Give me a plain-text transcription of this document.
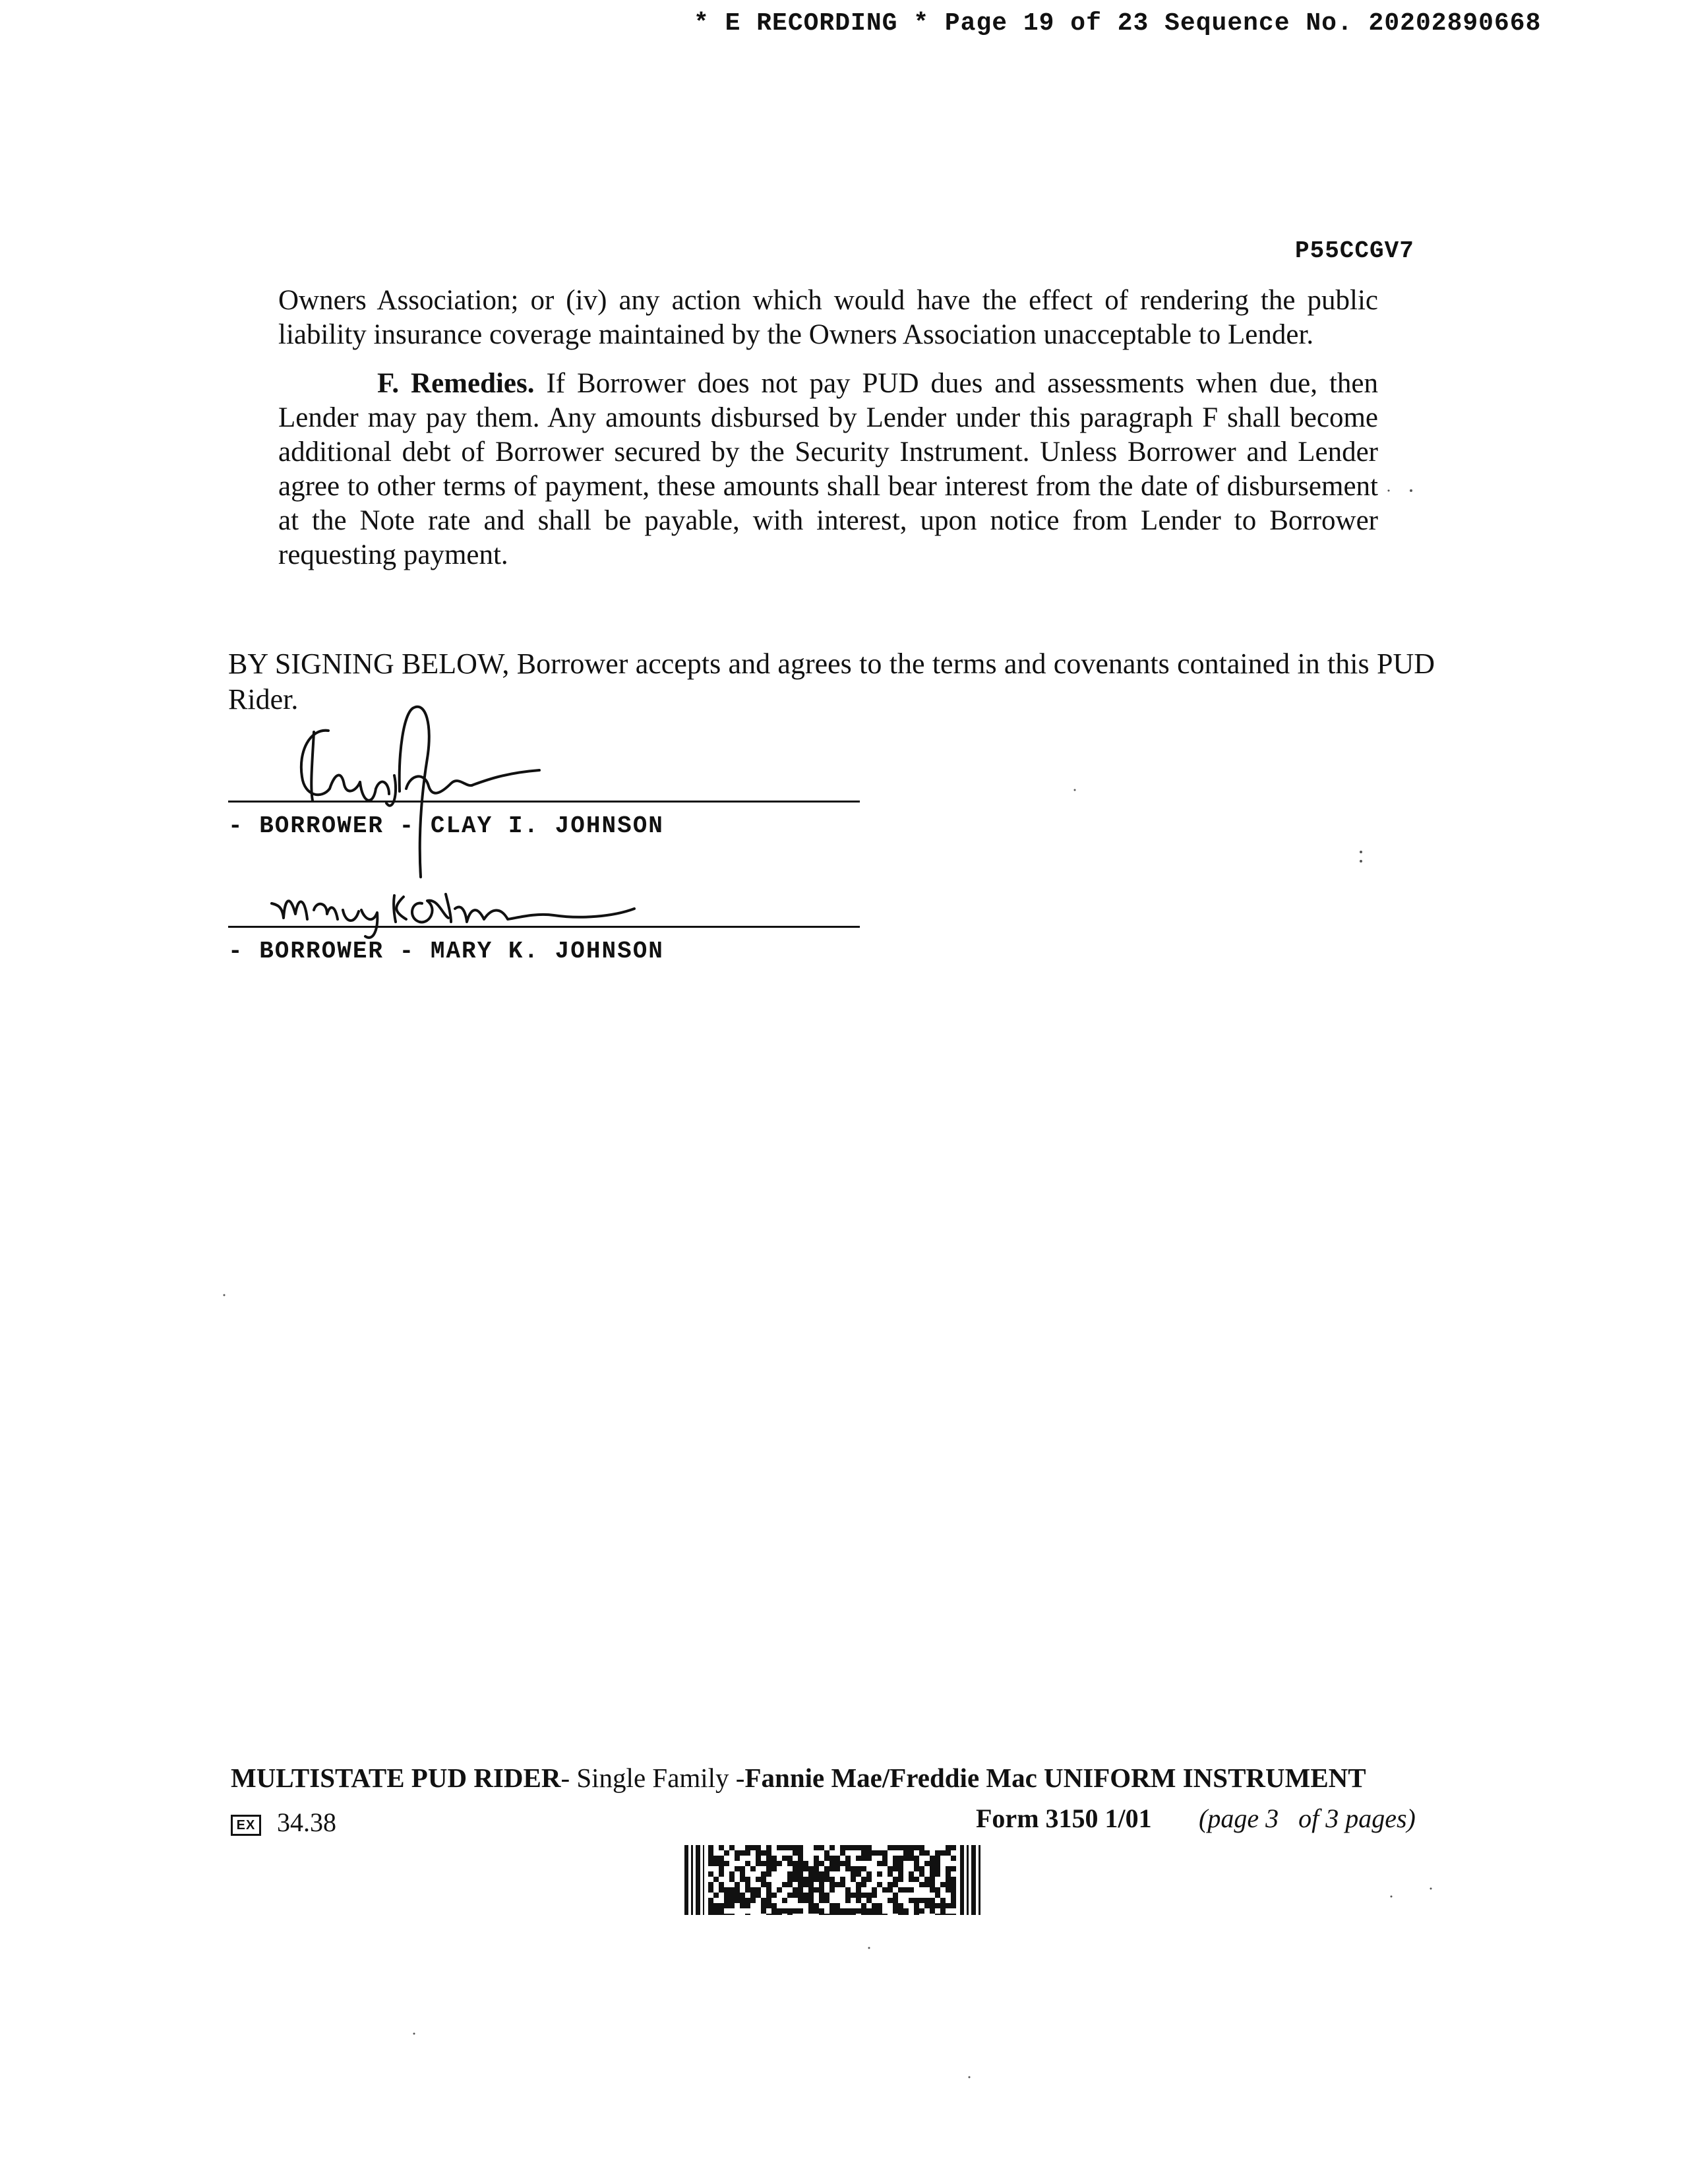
* E RECORDING * Page 19 of 23 Sequence No. 20202890668
P55CCGV7
Owners Association; or (iv) any action which would have the effect of rendering the public liability insurance coverage maintained by the Owners Association unacceptable to Lender.
F. Remedies. If Borrower does not pay PUD dues and assessments when due, then Lender may pay them. Any amounts disbursed by Lender under this paragraph F shall become additional debt of Borrower secured by the Security Instrument. Unless Borrower and Lender agree to other terms of payment, these amounts shall bear interest from the date of disbursement at the Note rate and shall be payable, with interest, upon notice from Lender to Borrower requesting payment.
BY SIGNING BELOW, Borrower accepts and agrees to the terms and covenants contained in this PUD Rider.
- BORROWER - CLAY I. JOHNSON
- BORROWER - MARY K. JOHNSON
MULTISTATE PUD RIDER- Single Family -Fannie Mae/Freddie Mac UNIFORM INSTRUMENT
EX 34.38	Form 3150 1/01 (page 3   of 3 pages)
